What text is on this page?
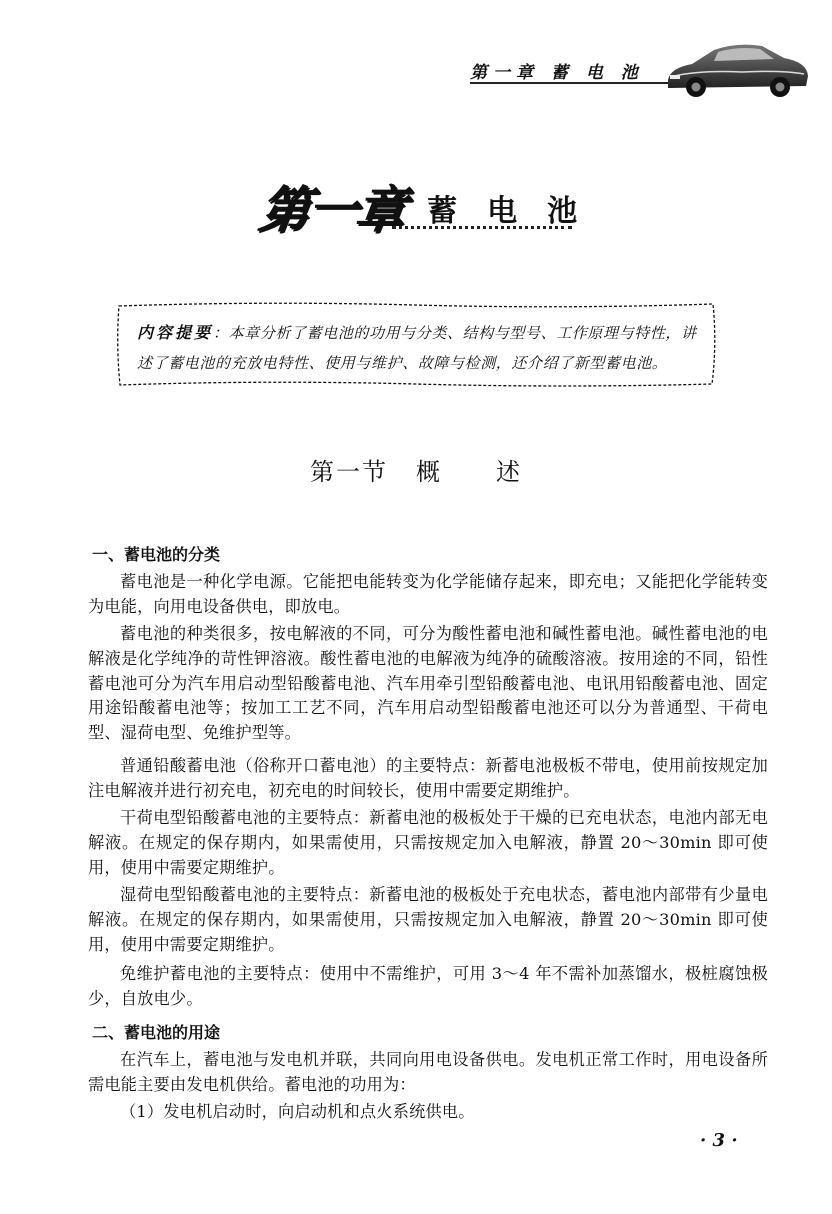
第一章 蓄 电 池
第一章 蓄电池
内容提要：本章分析了蓄电池的功用与分类、结构与型号、工作原理与特性，讲述了蓄电池的充放电特性、使用与维护、故障与检测，还介绍了新型蓄电池。
第一节 概 述
一、蓄电池的分类
蓄电池是一种化学电源。它能把电能转变为化学能储存起来，即充电；又能把化学能转变为电能，向用电设备供电，即放电。
蓄电池的种类很多，按电解液的不同，可分为酸性蓄电池和碱性蓄电池。碱性蓄电池的电解液是化学纯净的苛性钾溶液。酸性蓄电池的电解液为纯净的硫酸溶液。按用途的不同，铅性蓄电池可分为汽车用启动型铅酸蓄电池、汽车用牵引型铅酸蓄电池、电讯用铅酸蓄电池、固定用途铅酸蓄电池等；按加工工艺不同，汽车用启动型铅酸蓄电池还可以分为普通型、干荷电型、湿荷电型、免维护型等。
普通铅酸蓄电池（俗称开口蓄电池）的主要特点：新蓄电池极板不带电，使用前按规定加注电解液并进行初充电，初充电的时间较长，使用中需要定期维护。
干荷电型铅酸蓄电池的主要特点：新蓄电池的极板处于干燥的已充电状态，电池内部无电解液。在规定的保存期内，如果需使用，只需按规定加入电解液，静置 20～30min 即可使用，使用中需要定期维护。
湿荷电型铅酸蓄电池的主要特点：新蓄电池的极板处于充电状态，蓄电池内部带有少量电解液。在规定的保存期内，如果需使用，只需按规定加入电解液，静置 20～30min 即可使用，使用中需要定期维护。
免维护蓄电池的主要特点：使用中不需维护，可用 3～4 年不需补加蒸馏水，极桩腐蚀极少，自放电少。
二、蓄电池的用途
在汽车上，蓄电池与发电机并联，共同向用电设备供电。发电机正常工作时，用电设备所需电能主要由发电机供给。蓄电池的功用为：
（1）发电机启动时，向启动机和点火系统供电。
· 3 ·
